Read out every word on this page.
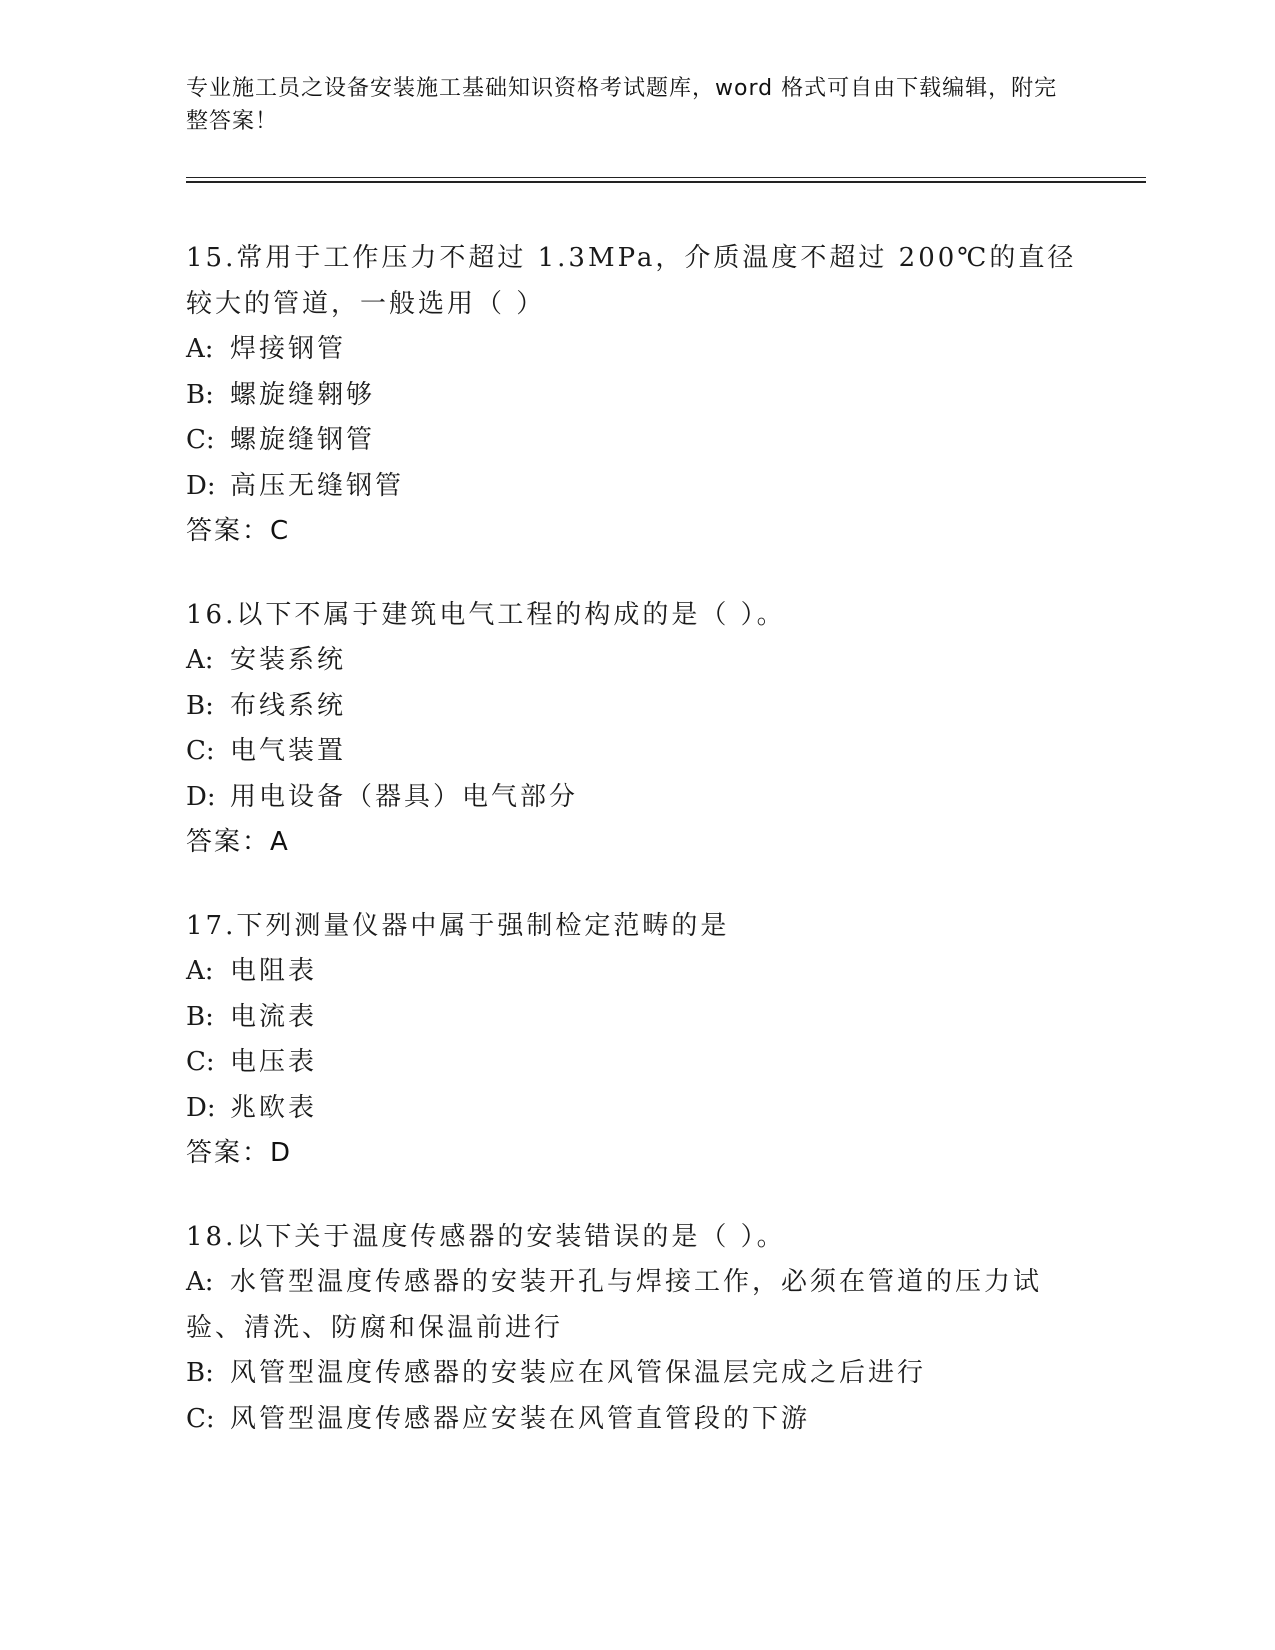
专业施工员之设备安装施工基础知识资格考试题库，word 格式可自由下载编辑，附完整答案！
15.常用于工作压力不超过 1.3MPa，介质温度不超过 200℃的直径较大的管道，一般选用（ ）
A: 焊接钢管
B: 螺旋缝翱够
C: 螺旋缝钢管
D: 高压无缝钢管
答案：C
16.以下不属于建筑电气工程的构成的是（ ）。
A: 安装系统
B: 布线系统
C: 电气装置
D: 用电设备（器具）电气部分
答案：A
17.下列测量仪器中属于强制检定范畴的是
A: 电阻表
B: 电流表
C: 电压表
D: 兆欧表
答案：D
18.以下关于温度传感器的安装错误的是（ ）。
A: 水管型温度传感器的安装开孔与焊接工作，必须在管道的压力试验、清洗、防腐和保温前进行
B: 风管型温度传感器的安装应在风管保温层完成之后进行
C: 风管型温度传感器应安装在风管直管段的下游
